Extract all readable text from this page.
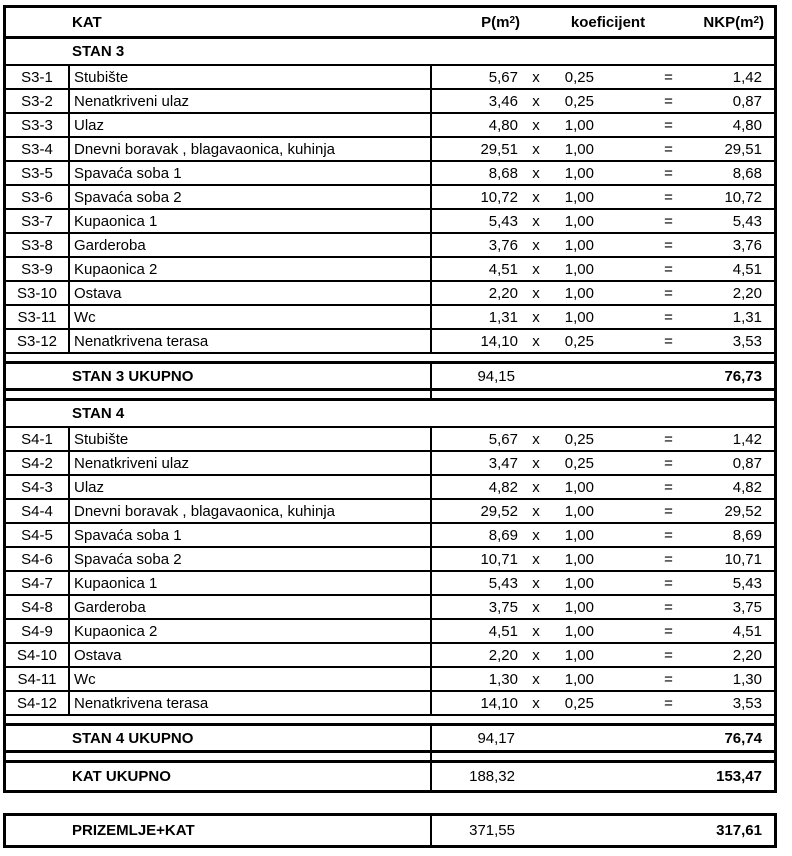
KAT	$P(m^2$ )	koeficijent	$NKP(m^2$ )
STAN 3
S3-1	Stubište	5,67 x	0,25	=	1,42
S3-2	Nenatkriveni ulaz	3,46 x	0,25	=	0,87
S3-3	Ulaz	4,80 x	1,00	=	4,80
S3-4	Dnevni boravak , blagavaonica, kuhinja	29,51 x	1,00	=	29,51
S3-5	Spavaća soba 1	8,68 x	1,00	=	8,68
S3-6	Spavaća soba 2	10,72 x	1,00	=	10,72
S3-7	Kupaonica 1	5,43 x	1,00	=	5,43
S3-8	Garderoba	3,76 x	1,00	=	3,76
S3-9	Kupaonica 2	4,51 x	1,00	=	4,51
S3-10	Ostava	2,20 x	1,00	=	2,20
S3-11	Wc	1,31 x	1,00	=	1,31
S3-12	Nenatkrivena terasa	14,10 x	0,25	=	3,53
STAN 3 UKUPNO	94,15	76,73
STAN 4
S4-1	Stubište	5,67 x	0,25	=	1,42
S4-2	Nenatkriveni ulaz	3,47 x	0,25	=	0,87
S4-3	Ulaz	4,82 x	1,00	=	4,82
S4-4	Dnevni boravak , blagavaonica, kuhinja	29,52 x	1,00	=	29,52
S4-5	Spavaća soba 1	8,69 x	1,00	=	8,69
S4-6	Spavaća soba 2	10,71 x	1,00	=	10,71
S4-7	Kupaonica 1	5,43 x	1,00	=	5,43
S4-8	Garderoba	3,75 x	1,00	=	3,75
S4-9	Kupaonica 2	4,51 x	1,00	=	4,51
S4-10	Ostava	2,20 x	1,00	=	2,20
S4-11	Wc	1,30 x	1,00	=	1,30
S4-12	Nenatkrivena terasa	14,10 x	0,25	=	3,53
STAN 4 UKUPNO	94,17	76,74
KAT UKUPNO	188,32	153,47
PRIZEMLJE+KAT	371,55	317,61
